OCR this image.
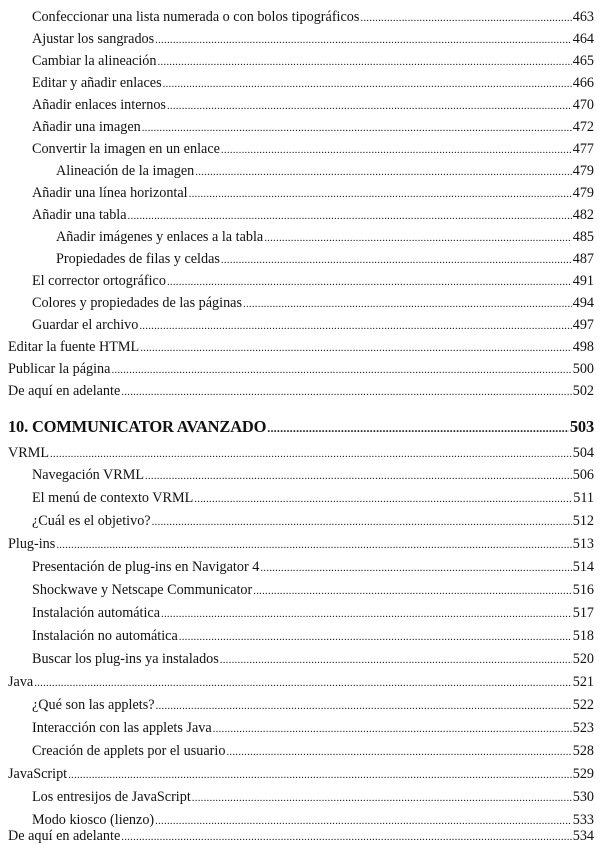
Confeccionar una lista numerada o con bolos tipográficos .....	463
Ajustar los sangrados .....	464
Cambiar la alineación .....	465
Editar y añadir enlaces .....	466
Añadir enlaces internos .....	470
Añadir una imagen .....	472
Convertir la imagen en un enlace .....	477
Alineación de la imagen .....	479
Añadir una línea horizontal .....	479
Añadir una tabla .....	482
Añadir imágenes y enlaces a la tabla .....	485
Propiedades de filas y celdas .....	487
El corrector ortográfico .....	491
Colores y propiedades de las páginas .....	494
Guardar el archivo .....	497
Editar la fuente HTML .....	498
Publicar la página .....	500
De aquí en adelante .....	502
10. COMMUNICATOR AVANZADO .....	503
VRML .....	504
Navegación VRML .....	506
El menú de contexto VRML .....	511
¿Cuál es el objetivo? .....	512
Plug-ins .....	513
Presentación de plug-ins en Navigator 4 .....	514
Shockwave y Netscape Communicator .....	516
Instalación automática .....	517
Instalación no automática .....	518
Buscar los plug-ins ya instalados .....	520
Java .....	521
¿Qué son las applets? .....	522
Interacción con las applets Java .....	523
Creación de applets por el usuario .....	528
JavaScript .....	529
Los entresijos de JavaScript .....	530
Modo kiosco (lienzo) .....	533
De aquí en adelante .....	534
